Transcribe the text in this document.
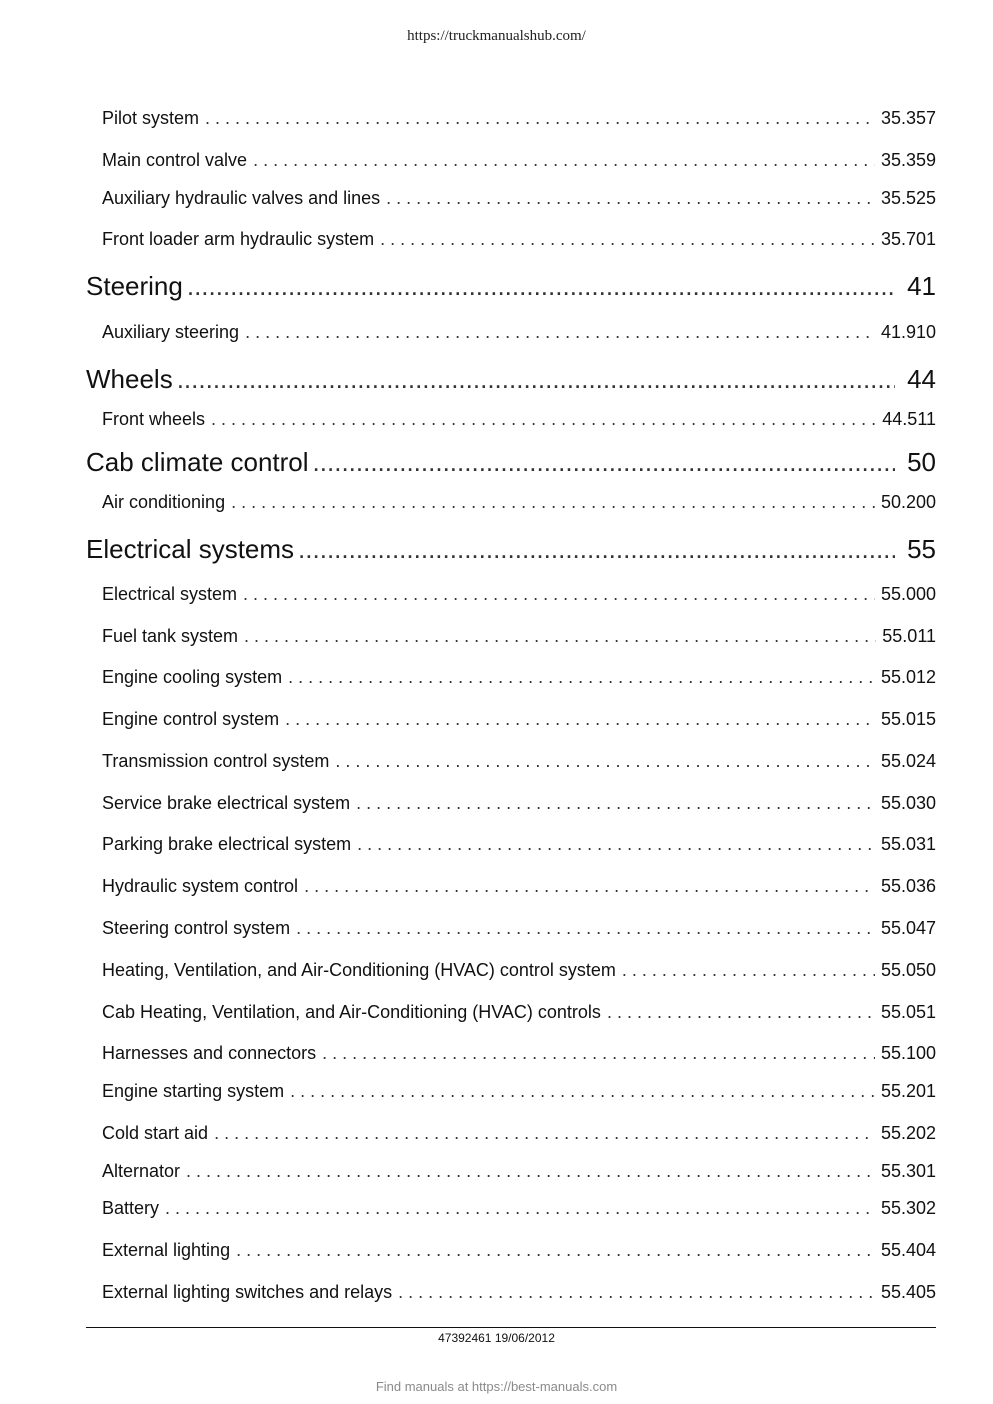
https://truckmanualshub.com/
Pilot system . . .	35.357
Main control valve . . .	35.359
Auxiliary hydraulic valves and lines . . .	35.525
Front loader arm hydraulic system . . .	35.701
Steering .....	41
Auxiliary steering . . .	41.910
Wheels .....	44
Front wheels . . .	44.511
Cab climate control .....	50
Air conditioning . . .	50.200
Electrical systems .....	55
Electrical system . . .	55.000
Fuel tank system . . .	55.011
Engine cooling system . . .	55.012
Engine control system . . .	55.015
Transmission control system . . .	55.024
Service brake electrical system . . .	55.030
Parking brake electrical system . . .	55.031
Hydraulic system control . . .	55.036
Steering control system . . .	55.047
Heating, Ventilation, and Air-Conditioning (HVAC) control system . . .	55.050
Cab Heating, Ventilation, and Air-Conditioning (HVAC) controls . . .	55.051
Harnesses and connectors . . .	55.100
Engine starting system . . .	55.201
Cold start aid . . .	55.202
Alternator . . .	55.301
Battery . . .	55.302
External lighting . . .	55.404
External lighting switches and relays . . .	55.405
47392461 19/06/2012
Find manuals at https://best-manuals.com
